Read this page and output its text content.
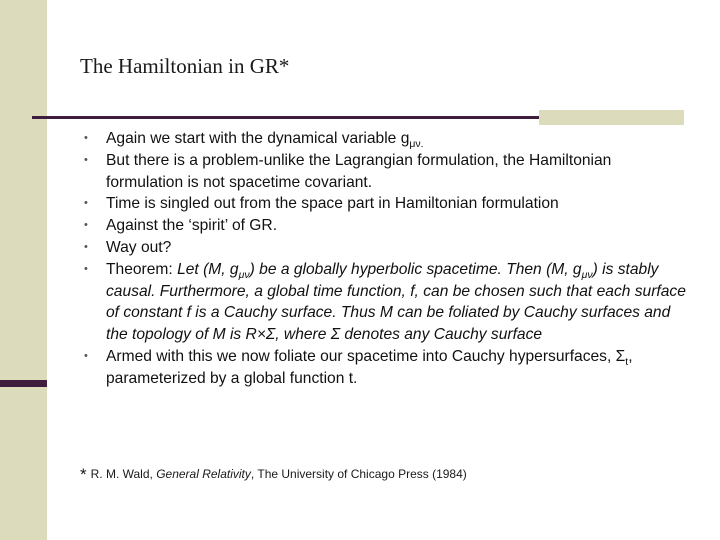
The Hamiltonian in GR*
• Again we start with the dynamical variable $g_{\mu\nu.}$
• But there is a problem-unlike the Lagrangian formulation, the Hamiltonian formulation is not spacetime covariant.
• Time is singled out from the space part in Hamiltonian formulation
• Against the ‘spirit’ of GR.
• Way out?
• Theorem: Let (M, $g_{\mu\nu}$) be a globally hyperbolic spacetime. Then (M, $g_{\mu\nu}$) is stably causal. Furthermore, a global time function, f, can be chosen such that each surface of constant f is a Cauchy surface. Thus M can be foliated by Cauchy surfaces and the topology of M is R×Σ, where Σ denotes any Cauchy surface
• Armed with this we now foliate our spacetime into Cauchy hypersurfaces, $\Sigma_t$, parameterized by a global function t.
* R. M. Wald, General Relativity, The University of Chicago Press (1984)
